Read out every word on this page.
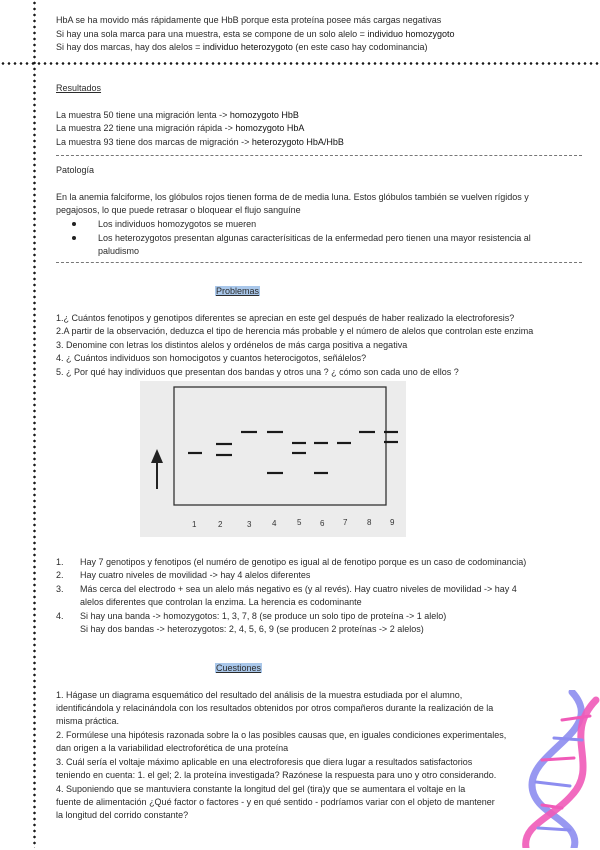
HbA se ha movido más rápidamente que HbB porque esta proteína posee más cargas negativas
Si hay una sola marca para una muestra, esta se compone de un solo alelo = individuo homozygoto
Si hay dos marcas, hay dos alelos = individuo heterozygoto (en este caso hay codominancia)
Resultados
La muestra 50 tiene una migración lenta -> homozygoto HbB
La muestra 22 tiene una migración rápida -> homozygoto HbA
La muestra 93 tiene dos marcas de migración -> heterozygoto HbA/HbB
Patología
En la anemia falciforme, los glóbulos rojos tienen forma de de media luna. Estos glóbulos también se vuelven rígidos y
pegajosos, lo que puede retrasar o bloquear el flujo sanguíne
Los individuos homozygotos se mueren
Los heterozygotos presentan algunas caracterísiticas de la enfermedad pero tienen una mayor resistencia al
paludismo
Problemas
1.¿ Cuántos fenotipos y genotipos diferentes se aprecian en este gel después de haber realizado la electroforesis?
2.A partir de la observación, deduzca el tipo de herencia más probable y el número de alelos que controlan este enzima
3. Denomine con letras los distintos alelos y ordénelos de más carga positiva a negativa
4. ¿ Cuántos individuos son homocigotos y cuantos heterocigotos, señálelos?
5. ¿ Por qué hay individuos que presentan dos bandas y otros una ? ¿ cómo son cada uno de ellos ?
1. Hay 7 genotipos y fenotipos (el numéro de genotipo es igual al de fenotipo porque es un caso de codominancia)
2. Hay cuatro niveles de movilidad -> hay 4 alelos diferentes
3. Más cerca del electrodo + sea un alelo más negativo es (y al revés). Hay cuatro niveles de movilidad -> hay 4
alelos diferentes que controlan la enzima. La herencia es codominante
4. Si hay una banda -> homozygotos: 1, 3, 7, 8 (se produce un solo tipo de proteína -> 1 alelo)
Si hay dos bandas -> heterozygotos: 2, 4, 5, 6, 9 (se producen 2 proteínas -> 2 alelos)
Cuestiones
1. Hágase un diagrama esquemático del resultado del análisis de la muestra estudiada por el alumno,
identificándola y relacinándola con los resultados obtenidos por otros compañeros durante la realización de la
misma práctica.
2. Formúlese una hipótesis razonada sobre la o las posibles causas que, en iguales condiciones experimentales,
dan origen a la variabilidad electroforética de una proteína
3. Cuál sería el voltaje máximo aplicable en una electroforesis que diera lugar a resultados satisfactorios
teniendo en cuenta: 1. el gel; 2. la proteína investigada? Razónese la respuesta para uno y otro considerando.
4. Suponiendo que se mantuviera constante la longitud del gel (tira)y que se aumentara el voltaje en la
fuente de alimentación ¿Qué factor o factores - y en qué sentido - podríamos variar con el objeto de mantener
la longitud del corrido constante?
1	2	3	4	5 6 7 8 9
